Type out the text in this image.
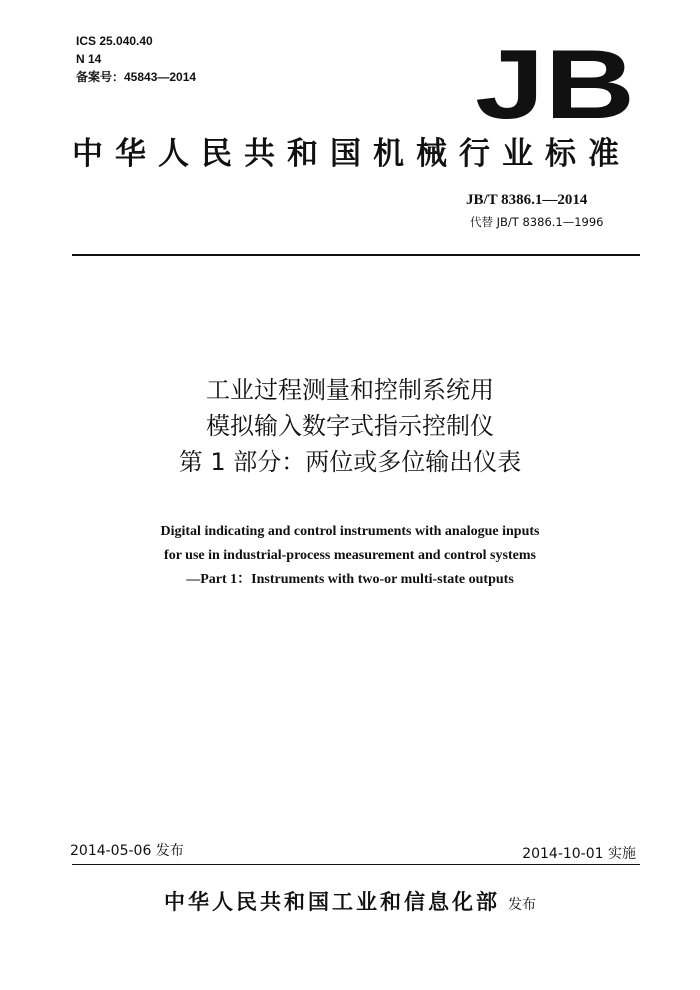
ICS 25.040.40
N 14
备案号：45843—2014	JB
中华人民共和国机械行业标准
JB/T 8386.1—2014
代替 JB/T 8386.1—1996
工业过程测量和控制系统用
模拟输入数字式指示控制仪
第 1 部分：两位或多位输出仪表
Digital indicating and control instruments with analogue inputs
for use in industrial-process measurement and control systems
—Part 1：Instruments with two-or multi-state outputs
2014-05-06 发布	2014-10-01 实施
中华人民共和国工业和信息化部 发布
